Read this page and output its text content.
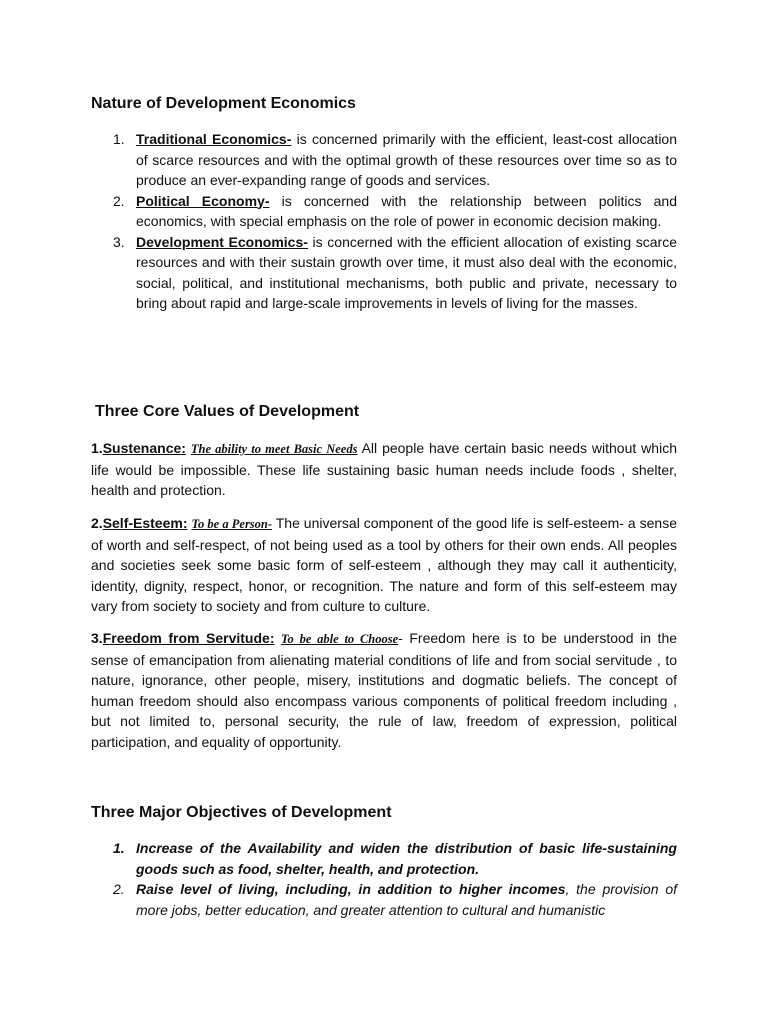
Nature of Development Economics
1. Traditional Economics- is concerned primarily with the efficient, least-cost allocation of scarce resources and with the optimal growth of these resources over time so as to produce an ever-expanding range of goods and services.
2. Political Economy- is concerned with the relationship between politics and economics, with special emphasis on the role of power in economic decision making.
3. Development Economics- is concerned with the efficient allocation of existing scarce resources and with their sustain growth over time, it must also deal with the economic, social, political, and institutional mechanisms, both public and private, necessary to bring about rapid and large-scale improvements in levels of living for the masses.
Three Core Values of Development

1.Sustenance: The ability to meet Basic Needs All people have certain basic needs without which life would be impossible. These life sustaining basic human needs include foods , shelter, health and protection.

2.Self-Esteem: To be a Person- The universal component of the good life is self-esteem- a sense of worth and self-respect, of not being used as a tool by others for their own ends. All peoples and societies seek some basic form of self-esteem , although they may call it authenticity, identity, dignity, respect, honor, or recognition. The nature and form of this self-esteem may vary from society to society and from culture to culture.

3.Freedom from Servitude: To be able to Choose- Freedom here is to be understood in the sense of emancipation from alienating material conditions of life and from social servitude , to nature, ignorance, other people, misery, institutions and dogmatic beliefs. The concept of human freedom should also encompass various components of political freedom including , but not limited to, personal security, the rule of law, freedom of expression, political participation, and equality of opportunity.

Three Major Objectives of Development
1. Increase of the Availability and widen the distribution of basic life-sustaining goods such as food, shelter, health, and protection.
2. Raise level of living, including, in addition to higher incomes, the provision of more jobs, better education, and greater attention to cultural and humanistic
